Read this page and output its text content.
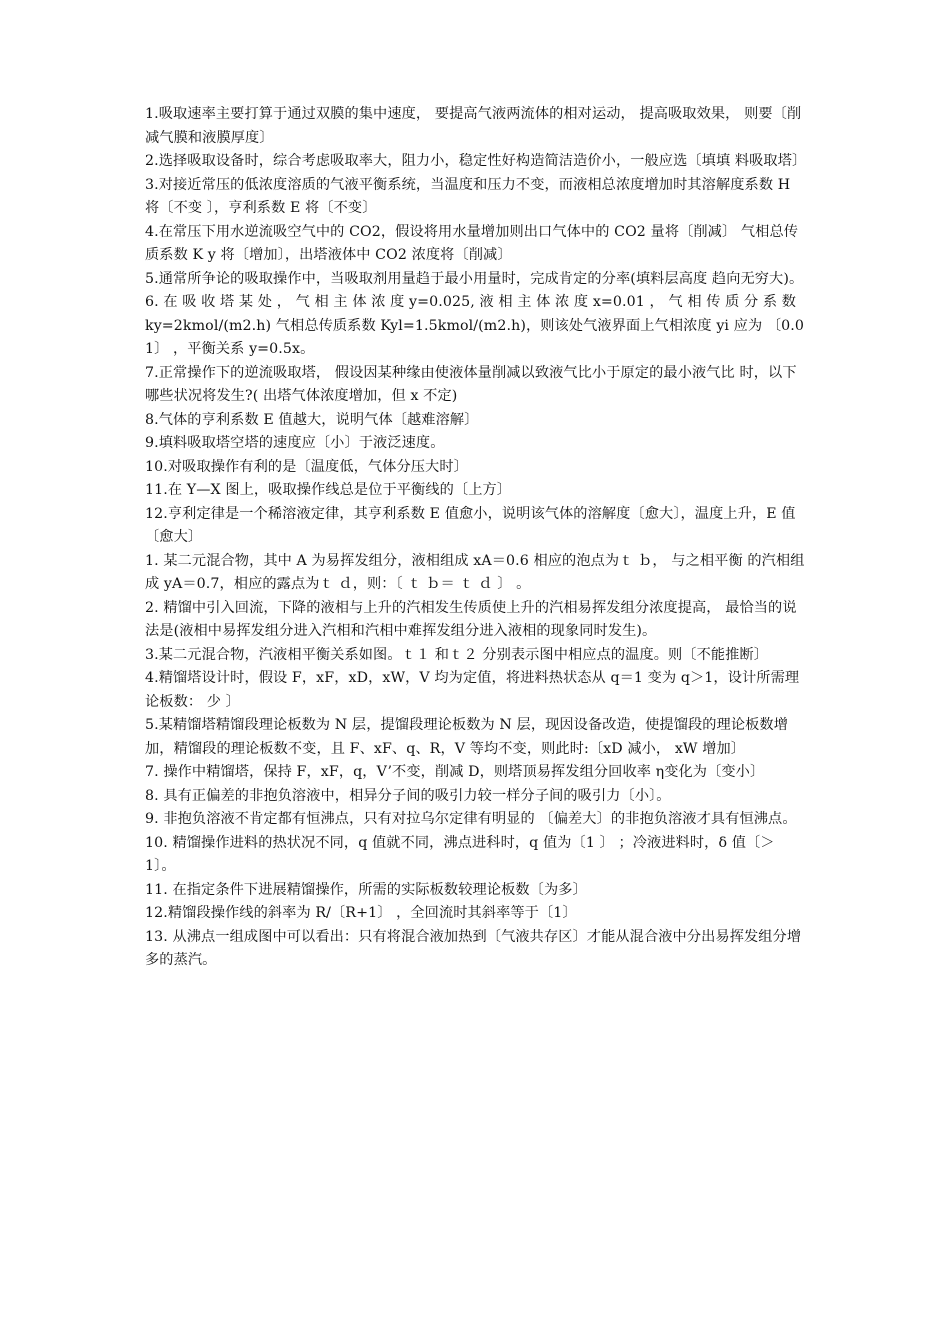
1.吸取速率主要打算于通过双膜的集中速度， 要提高气液两流体的相对运动， 提高吸取效果， 则要〔削减气膜和液膜厚度〕

2.选择吸取设备时，综合考虑吸取率大，阻力小，稳定性好构造简洁造价小，一般应选〔填填 料吸取塔〕

3.对接近常压的低浓度溶质的气液平衡系统，当温度和压力不变，而液相总浓度增加时其溶解度系数 H 将〔不变 〕，亨利系数 E 将〔不变〕

4.在常压下用水逆流吸空气中的 CO2，假设将用水量增加则出口气体中的 CO2 量将〔削减〕 气相总传质系数 K y 将〔增加〕，出塔液体中 CO2 浓度将〔削减〕

5.通常所争论的吸取操作中，当吸取剂用量趋于最小用量时，完成肯定的分率(填料层高度 趋向无穷大)。

6. 在 吸 收 塔 某 处 ， 气 相 主 体 浓 度 y=0.025, 液 相 主 体 浓 度 x=0.01 ， 气 相 传 质 分 系 数 ky=2kmol/(m2.h) 气相总传质系数 Kyl=1.5kmol/(m2.h)，则该处气液界面上气相浓度 yi 应为 〔0.01〕 ，平衡关系 y=0.5x。

7.正常操作下的逆流吸取塔， 假设因某种缘由使液体量削减以致液气比小于原定的最小液气比 时，以下哪些状况将发生?( 出塔气体浓度增加，但 x 不定)

8.气体的亨利系数 E 值越大，说明气体〔越难溶解〕

9.填料吸取塔空塔的速度应〔小〕于液泛速度。

10.对吸取操作有利的是〔温度低，气体分压大时〕

11.在 Y—X 图上，吸取操作线总是位于平衡线的〔上方〕

12.亨利定律是一个稀溶液定律，其亨利系数 E 值愈小，说明该气体的溶解度〔愈大〕，温度上升，E 值〔愈大〕

1. 某二元混合物，其中 A 为易挥发组分，液相组成 xA＝0.6 相应的泡点为ｔ ｂ， 与之相平衡 的汽相组成 yA＝0.7，相应的露点为ｔ ｄ，则：〔 ｔ ｂ＝ ｔ ｄ 〕 。

2. 精馏中引入回流，下降的液相与上升的汽相发生传质使上升的汽相易挥发组分浓度提高， 最恰当的说法是(液相中易挥发组分进入汽相和汽相中难挥发组分进入液相的现象同时发生)。

3.某二元混合物，汽液相平衡关系如图。ｔ１ 和ｔ２ 分别表示图中相应点的温度。则〔不能推断〕

4.精馏塔设计时，假设 F，xF，xD，xW，V 均为定值，将进料热状态从 q＝1 变为 q＞1，设计所需理论板数： 少 〕

5.某精馏塔精馏段理论板数为 N 层，提馏段理论板数为 N 层，现因设备改造，使提馏段的理论板数增加，精馏段的理论板数不变，且 F、xF、q、R，V 等均不变，则此时:〔xD 减小， xW 增加〕

7. 操作中精馏塔，保持 F，xF，q，V’不变，削减 D，则塔顶易挥发组分回收率 η变化为〔变小〕

8. 具有正偏差的非抱负溶液中，相异分子间的吸引力较一样分子间的吸引力〔小〕。

9. 非抱负溶液不肯定都有恒沸点，只有对拉乌尔定律有明显的 〔偏差大〕的非抱负溶液才具有恒沸点。

10. 精馏操作进料的热状况不同，q 值就不同，沸点进科时，q 值为〔1 〕 ；冷液进料时，δ 值〔＞1〕。

11. 在指定条件下进展精馏操作，所需的实际板数较理论板数〔为多〕

12.精馏段操作线的斜率为 R/〔R+1〕 ，全回流时其斜率等于〔1〕

13. 从沸点一组成图中可以看出：只有将混合液加热到〔气液共存区〕才能从混合液中分出易挥发组分增多的蒸汽。
